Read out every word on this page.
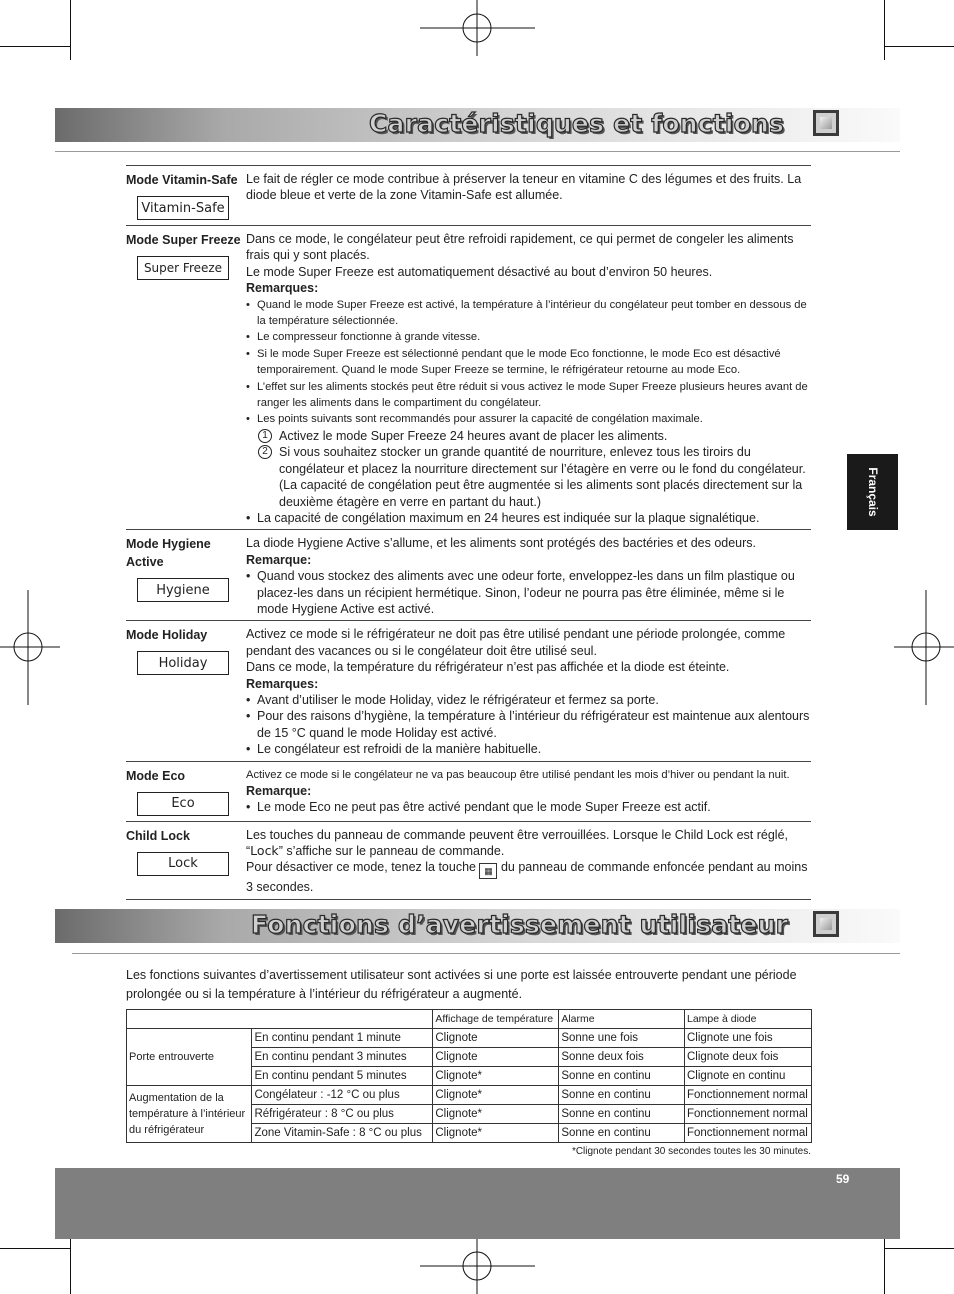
Caractéristiques et fonctions
Français
Mode Vitamin-Safe
Vitamin-Safe

Le fait de régler ce mode contribue à préserver la teneur en vitamine C des légumes et des fruits. La diode bleue et verte de la zone Vitamin-Safe est allumée.

Mode Super Freeze
Super Freeze

Dans ce mode, le congélateur peut être refroidi rapidement, ce qui permet de congeler les aliments frais qui y sont placés.

Le mode Super Freeze est automatiquement désactivé au bout d’environ 50 heures.

Remarques:

• Quand le mode Super Freeze est activé, la température à l’intérieur du congélateur peut tomber en dessous de la température sélectionnée.

• Le compresseur fonctionne à grande vitesse.

• Si le mode Super Freeze est sélectionné pendant que le mode Eco fonctionne, le mode Eco est désactivé temporairement. Quand le mode Super Freeze se termine, le réfrigérateur retourne au mode Eco.

• L’effet sur les aliments stockés peut être réduit si vous activez le mode Super Freeze plusieurs heures avant de ranger les aliments dans le compartiment du congélateur.

• Les points suivants sont recommandés pour assurer la capacité de congélation maximale.

1 Activez le mode Super Freeze 24 heures avant de placer les aliments.

2 Si vous souhaitez stocker un grande quantité de nourriture, enlevez tous les tiroirs du congélateur et placez la nourriture directement sur l’étagère en verre ou le fond du congélateur. (La capacité de congélation peut être augmentée si les aliments sont placés directement sur la deuxième étagère en verre en partant du haut.)

• La capacité de congélation maximum en 24 heures est indiquée sur la plaque signalétique.

Mode Hygiene Active
Hygiene

La diode Hygiene Active s’allume, et les aliments sont protégés des bactéries et des odeurs.

Remarque:

• Quand vous stockez des aliments avec une odeur forte, enveloppez-les dans un film plastique ou placez-les dans un récipient hermétique. Sinon, l’odeur ne pourra pas être éliminée, même si le mode Hygiene Active est activé.

Mode Holiday
Holiday

Activez ce mode si le réfrigérateur ne doit pas être utilisé pendant une période prolongée, comme pendant des vacances ou si le congélateur doit être utilisé seul.

Dans ce mode, la température du réfrigérateur n’est pas affichée et la diode est éteinte.

Remarques:

• Avant d’utiliser le mode Holiday, videz le réfrigérateur et fermez sa porte.

• Pour des raisons d’hygiène, la température à l’intérieur du réfrigérateur est maintenue aux alentours de 15 °C quand le mode Holiday est activé.

• Le congélateur est refroidi de la manière habituelle.

Mode Eco
Eco

Activez ce mode si le congélateur ne va pas beaucoup être utilisé pendant les mois d’hiver ou pendant la nuit.

Remarque:

• Le mode Eco ne peut pas être activé pendant que le mode Super Freeze est actif.

Child Lock
Lock

Les touches du panneau de commande peuvent être verrouillées. Lorsque le Child Lock est réglé, “Lock” s’affiche sur le panneau de commande.

Pour désactiver ce mode, tenez la touche ▦ du panneau de commande enfoncée pendant au moins 3 secondes.

Fonctions d’avertissement utilisateur

Les fonctions suivantes d’avertissement utilisateur sont activées si une porte est laissée entrouverte pendant une période prolongée ou si la température à l’intérieur du réfrigérateur a augmenté.

		Affichage de température	Alarme	Lampe à diode
Porte entrouverte	En continu pendant 1 minute	Clignote	Sonne une fois	Clignote une fois
	En continu pendant 3 minutes	Clignote	Sonne deux fois	Clignote deux fois
	En continu pendant 5 minutes	Clignote*	Sonne en continu	Clignote en continu
Augmentation de la température à l’intérieur du réfrigérateur	Congélateur : -12 °C ou plus	Clignote*	Sonne en continu	Fonctionnement normal
	Réfrigérateur : 8 °C ou plus	Clignote*	Sonne en continu	Fonctionnement normal
	Zone Vitamin-Safe : 8 °C ou plus	Clignote*	Sonne en continu	Fonctionnement normal
*Clignote pendant 30 secondes toutes les 30 minutes.
59
